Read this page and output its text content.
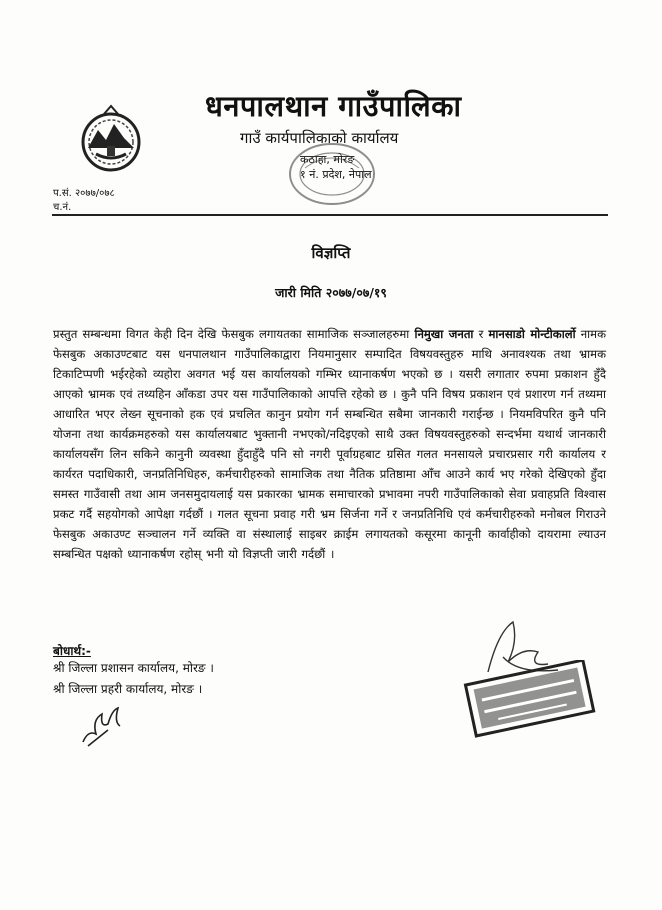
धनपालथान गाउँपालिका
गाउँ कार्यपालिकाको कार्यालय
कठाहा, मोरङ
१ नं. प्रदेश, नेपाल
प.सं. २०७७/०७८
च.नं.
विज्ञप्ति
जारी मिति २०७७/०७/१९
प्रस्तुत सम्बन्धमा विगत केही दिन देखि फेसबुक लगायतका सामाजिक सञ्जालहरुमा निमुखा जनता र मानसाडो मोन्टीकार्लो नामक फेसबुक अकाउण्टबाट यस धनपालथान गाउँपालिकाद्वारा नियमानुसार सम्पादित विषयवस्तुहरु माथि अनावश्यक तथा भ्रामक टिकाटिप्पणी भईरहेको व्यहोरा अवगत भई यस कार्यालयको गम्भिर ध्यानाकर्षण भएको छ । यसरी लगातार रुपमा प्रकाशन हुँदै आएको भ्रामक एवं तथ्यहिन आँकडा उपर यस गाउँपालिकाको आपत्ति रहेको छ । कुनै पनि विषय प्रकाशन एवं प्रशारण गर्न तथ्यमा आधारित भएर लेख्न सूचनाको हक एवं प्रचलित कानुन प्रयोग गर्न सम्बन्धित सबैमा जानकारी गराईन्छ । नियमविपरित कुनै पनि योजना तथा कार्यक्रमहरुको यस कार्यालयबाट भुक्तानी नभएको/नदिइएको साथै उक्त विषयवस्तुहरुको सन्दर्भमा यथार्थ जानकारी कार्यालयसँग लिन सकिने कानुनी व्यवस्था हुँदाहुँदै पनि सो नगरी पूर्वाग्रहबाट ग्रसित गलत मनसायले प्रचारप्रसार गरी कार्यालय र कार्यरत पदाधिकारी, जनप्रतिनिधिहरु, कर्मचारीहरुको सामाजिक तथा नैतिक प्रतिष्ठामा आँच आउने कार्य भए गरेको देखिएको हुँदा समस्त गाउँवासी तथा आम जनसमुदायलाई यस प्रकारका भ्रामक समाचारको प्रभावमा नपरी गाउँपालिकाको सेवा प्रवाहप्रति विश्वास प्रकट गर्दै सहयोगको आपेक्षा गर्दछौं । गलत सूचना प्रवाह गरी भ्रम सिर्जना गर्ने र जनप्रतिनिधि एवं कर्मचारीहरुको मनोबल गिराउने फेसबुक अकाउण्ट सञ्चालन गर्ने व्यक्ति वा संस्थालाई साइबर क्राईम लगायतको कसूरमा कानूनी कार्वाहीको दायरामा ल्याउन सम्बन्धित पक्षको ध्यानाकर्षण रहोस् भनी यो विज्ञप्ती जारी गर्दछौं ।
बोधार्थ:-
श्री जिल्ला प्रशासन कार्यालय, मोरङ ।
श्री जिल्ला प्रहरी कार्यालय, मोरङ ।
